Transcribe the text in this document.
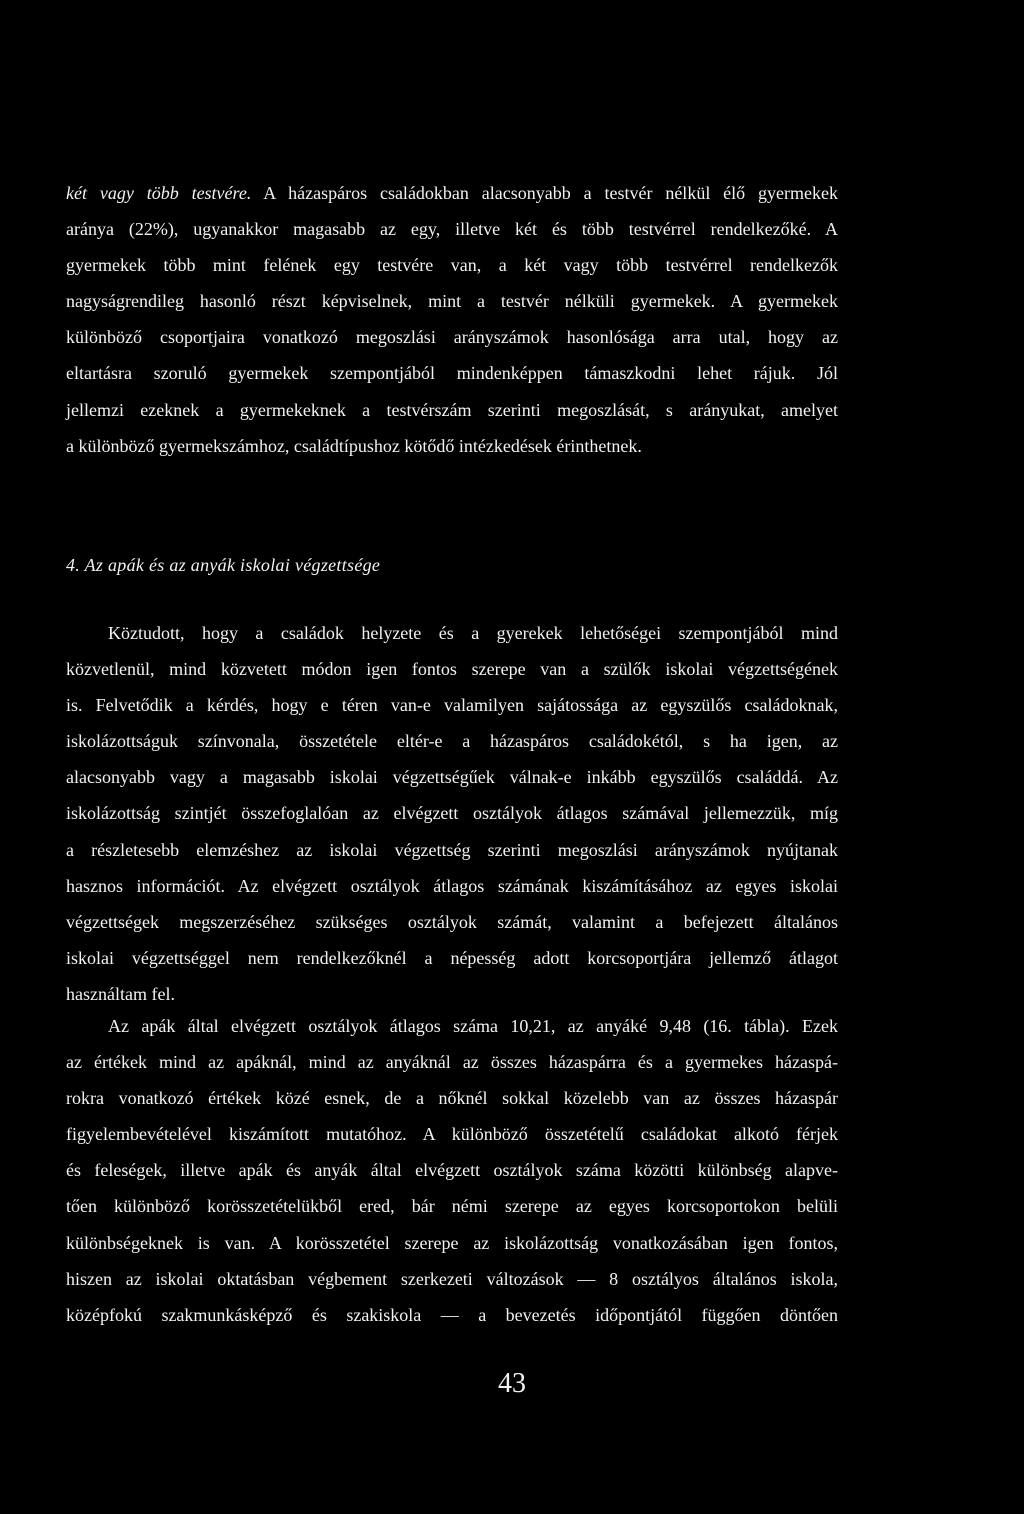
két vagy több testvére. A házaspáros családokban alacsonyabb a testvér nélkül élő gyermekek
aránya (22%), ugyanakkor magasabb az egy, illetve két és több testvérrel rendelkezőké. A
gyermekek több mint felének egy testvére van, a két vagy több testvérrel rendelkezők
nagyságrendileg hasonló részt képviselnek, mint a testvér nélküli gyermekek. A gyermekek
különböző csoportjaira vonatkozó megoszlási arányszámok hasonlósága arra utal, hogy az
eltartásra szoruló gyermekek szempontjából mindenképpen támaszkodni lehet rájuk. Jól
jellemzi ezeknek a gyermekeknek a testvérszám szerinti megoszlását, s arányukat, amelyet
a különböző gyermekszámhoz, családtípushoz kötődő intézkedések érinthetnek.
4. Az apák és az anyák iskolai végzettsége
Köztudott, hogy a családok helyzete és a gyerekek lehetőségei szempontjából mind
közvetlenül, mind közvetett módon igen fontos szerepe van a szülők iskolai végzettségének
is. Felvetődik a kérdés, hogy e téren van-e valamilyen sajátossága az egyszülős családoknak,
iskolázottságuk színvonala, összetétele eltér-e a házaspáros családokétól, s ha igen, az
alacsonyabb vagy a magasabb iskolai végzettségűek válnak-e inkább egyszülős családdá. Az
iskolázottság szintjét összefoglalóan az elvégzett osztályok átlagos számával jellemezzük, míg
a részletesebb elemzéshez az iskolai végzettség szerinti megoszlási arányszámok nyújtanak
hasznos információt. Az elvégzett osztályok átlagos számának kiszámításához az egyes iskolai
végzettségek megszerzéséhez szükséges osztályok számát, valamint a befejezett általános
iskolai végzettséggel nem rendelkezőknél a népesség adott korcsoportjára jellemző átlagot
használtam fel.
Az apák által elvégzett osztályok átlagos száma 10,21, az anyáké 9,48 (16. tábla). Ezek
az értékek mind az apáknál, mind az anyáknál az összes házaspárra és a gyermekes házaspá-
rokra vonatkozó értékek közé esnek, de a nőknél sokkal közelebb van az összes házaspár
figyelembevételével kiszámított mutatóhoz. A különböző összetételű családokat alkotó férjek
és feleségek, illetve apák és anyák által elvégzett osztályok száma közötti különbség alapve-
tően különböző korösszetételükből ered, bár némi szerepe az egyes korcsoportokon belüli
különbségeknek is van. A korösszetétel szerepe az iskolázottság vonatkozásában igen fontos,
hiszen az iskolai oktatásban végbement szerkezeti változások — 8 osztályos általános iskola,
középfokú szakmunkásképző és szakiskola — a bevezetés időpontjától függően döntően
43
